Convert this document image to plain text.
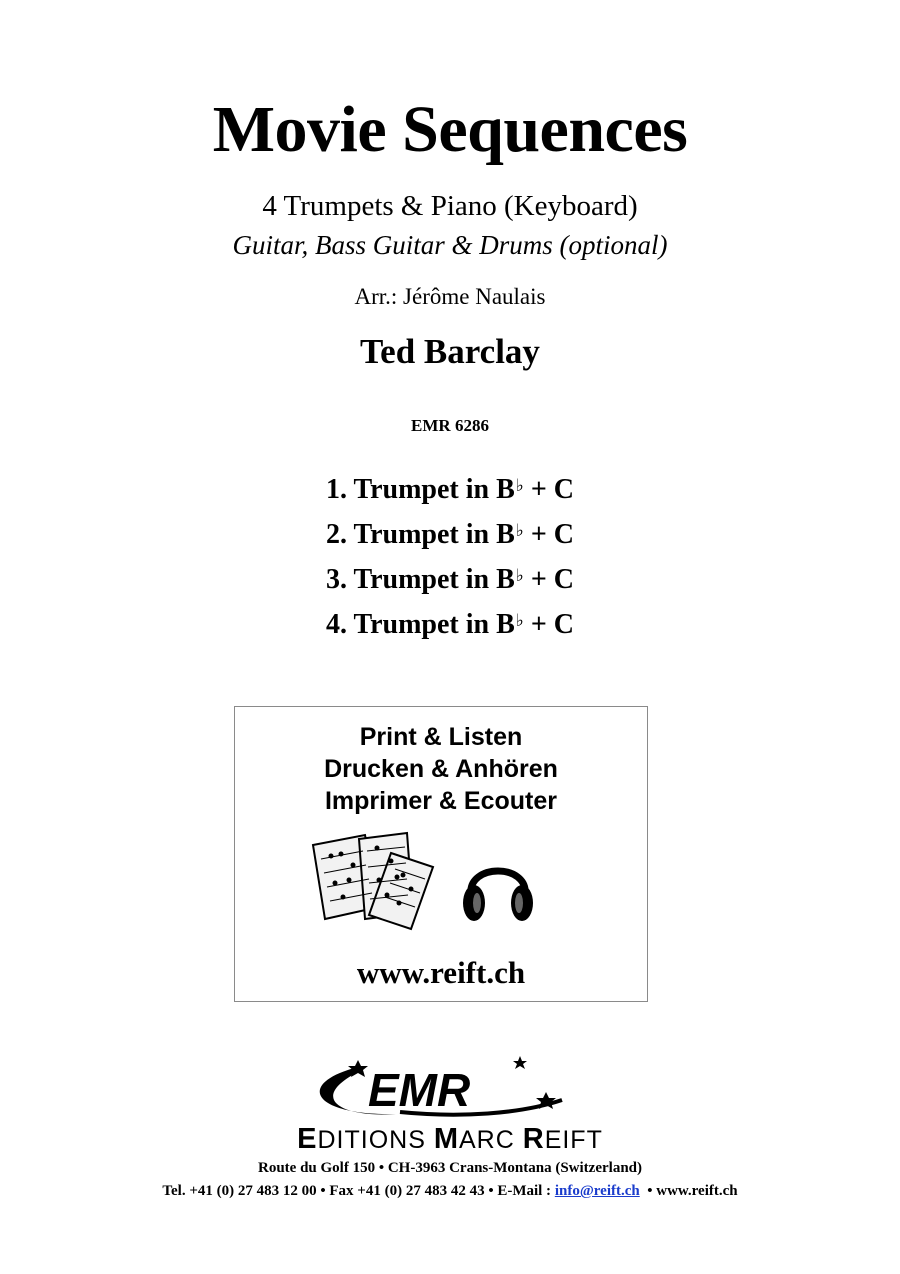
Movie Sequences
4 Trumpets & Piano (Keyboard)
Guitar, Bass Guitar & Drums (optional)
Arr.: Jérôme Naulais
Ted Barclay
EMR 6286
1. Trumpet in B♭ + C
2. Trumpet in B♭ + C
3. Trumpet in B♭ + C
4. Trumpet in B♭ + C
Print & Listen
Drucken & Anhören
Imprimer & Ecouter
www.reift.ch
EMR
EDITIONS MARC REIFT
Route du Golf 150 • CH-3963 Crans-Montana (Switzerland)
Tel. +41 (0) 27 483 12 00 • Fax +41 (0) 27 483 42 43 • E-Mail : info@reift.ch  • www.reift.ch
